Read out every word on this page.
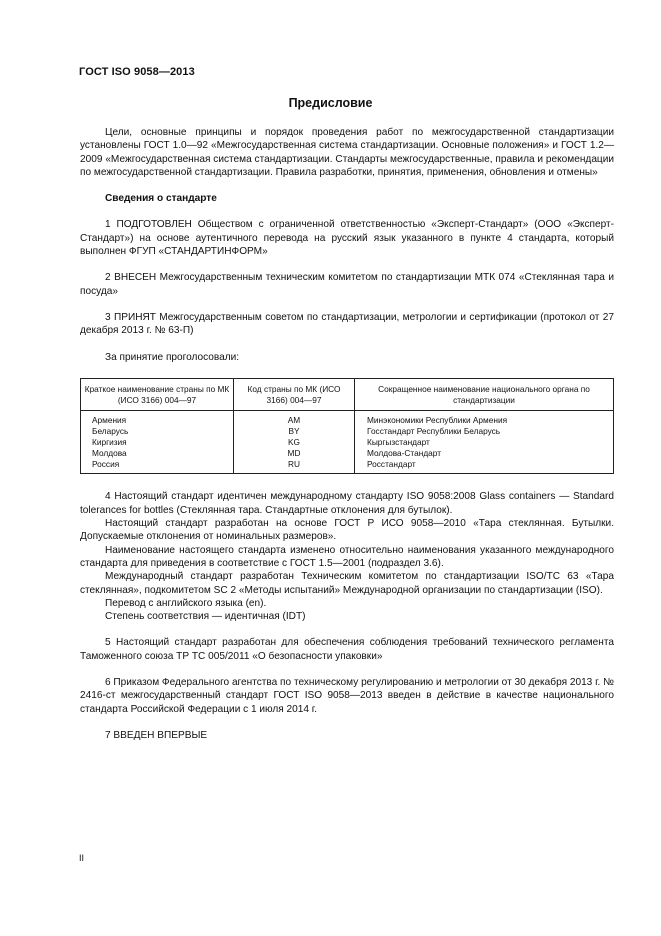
ГОСТ ISO 9058—2013
Предисловие

Цели, основные принципы и порядок проведения работ по межгосударственной стандартизации установлены ГОСТ 1.0—92 «Межгосударственная система стандартизации. Основные положения» и ГОСТ 1.2—2009 «Межгосударственная система стандартизации. Стандарты межгосударственные, правила и рекомендации по межгосударственной стандартизации. Правила разработки, принятия, применения, обновления и отмены»

Сведения о стандарте

1 ПОДГОТОВЛЕН Обществом с ограниченной ответственностью «Эксперт-Стандарт» (ООО «Эксперт-Стандарт») на основе аутентичного перевода на русский язык указанного в пункте 4 стандарта, который выполнен ФГУП «СТАНДАРТИНФОРМ»

2 ВНЕСЕН Межгосударственным техническим комитетом по стандартизации МТК 074 «Стеклянная тара и посуда»

3 ПРИНЯТ Межгосударственным советом по стандартизации, метрологии и сертификации (протокол от 27 декабря 2013 г. № 63-П)

За принятие проголосовали:

Краткое наименование страны по МК (ИСО 3166) 004—97	Код страны по МК (ИСО 3166) 004—97	Сокращенное наименование национального органа по стандартизации
Армения	AM	Минэкономики Республики Армения
Беларусь	BY	Госстандарт Республики Беларусь
Киргизия	KG	Кыргызстандарт
Молдова	MD	Молдова-Стандарт
Россия	RU	Росстандарт

4 Настоящий стандарт идентичен международному стандарту ISO 9058:2008 Glass containers — Standard tolerances for bottles (Стеклянная тара. Стандартные отклонения для бутылок).

Настоящий стандарт разработан на основе ГОСТ Р ИСО 9058—2010 «Тара стеклянная. Бутылки. Допускаемые отклонения от номинальных размеров».

Наименование настоящего стандарта изменено относительно наименования указанного международного стандарта для приведения в соответствие с ГОСТ 1.5—2001 (подраздел 3.6).

Международный стандарт разработан Техническим комитетом по стандартизации ISO/TC 63 «Тара стеклянная», подкомитетом SC 2 «Методы испытаний» Международной организации по стандартизации (ISO).

Перевод с английского языка (en).

Степень соответствия — идентичная (IDT)

5 Настоящий стандарт разработан для обеспечения соблюдения требований технического регламента Таможенного союза ТР ТС 005/2011 «О безопасности упаковки»

6 Приказом Федерального агентства по техническому регулированию и метрологии от 30 декабря 2013 г. № 2416-ст межгосударственный стандарт ГОСТ ISO 9058—2013 введен в действие в качестве национального стандарта Российской Федерации с 1 июля 2014 г.

7 ВВЕДЕН ВПЕРВЫЕ

II
